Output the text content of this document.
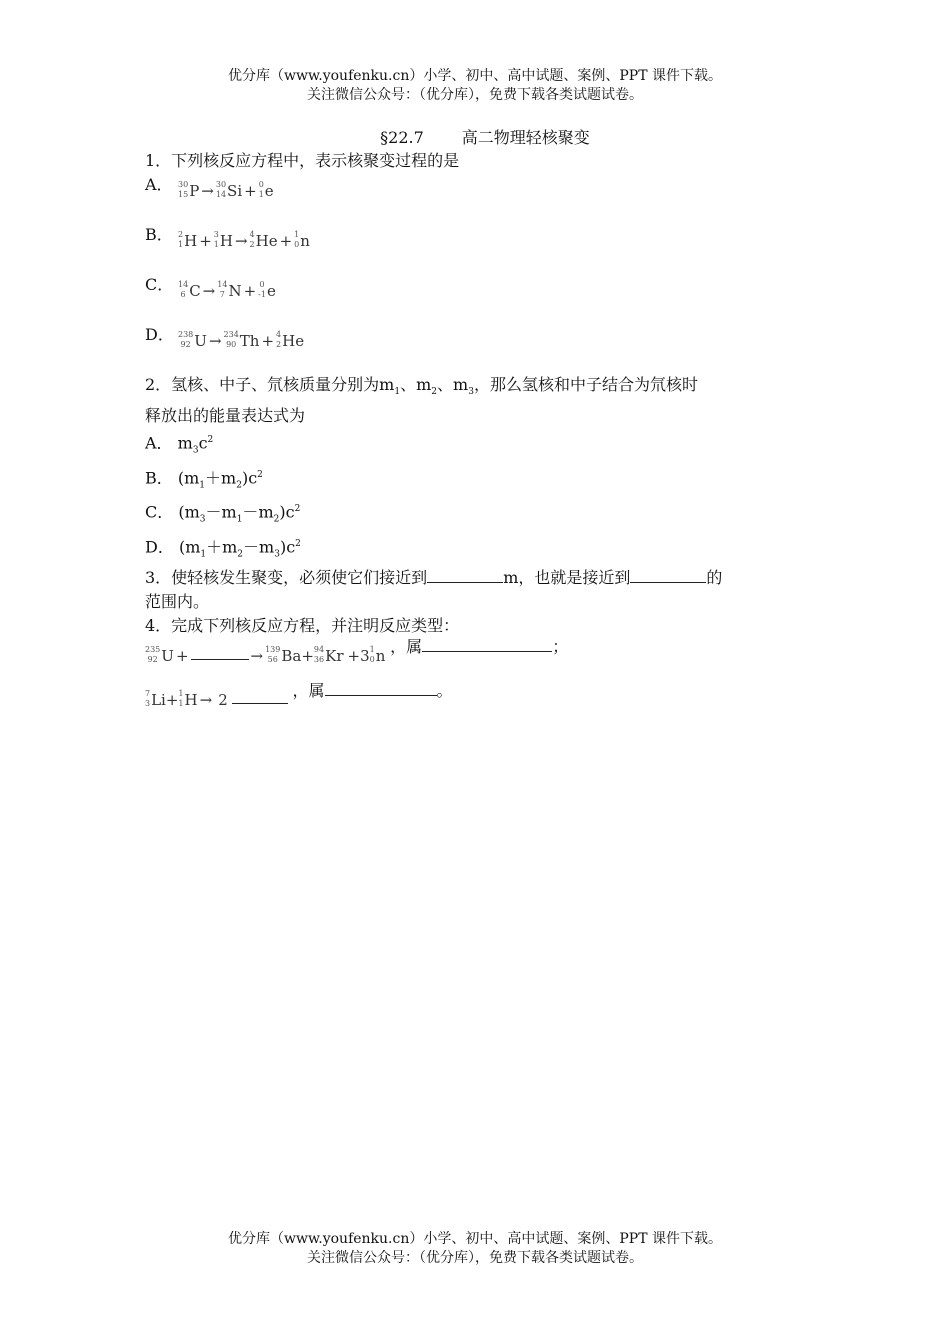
优分库（www.youfenku.cn）小学、初中、高中试题、案例、PPT 课件下载。
关注微信公众号：（优分库），免费下载各类试题试卷。
§22.7 高二物理轻核聚变
1．下列核反应方程中，表示核聚变过程的是
A． 30
15 P → 30
14 Si + 0
1 e
B． 2
1 H + 3
1 H → 4
2 He + 1
0 n
C． 14
6 C → 14
7 N + 0
-1 e
D． 238
92 U → 234
90 Th + 4
2 He
2．氢核、中子、氘核质量分别为$m_1$、$m_2$、$m_3$，那么氢核和中子结合为氘核时
释放出的能量表达式为
A． $m_3c^2$
B． $(m_1+m_2)c^2$
C． $(m_3-m_1-m_2)c^2$
D． $(m_1+m_2-m_3)c^2$
3．使轻核发生聚变，必须使它们接近到	m，也就是接近到	的
范围内。
4．完成下列核反应方程，并注明反应类型：
235
92 U +	→ 139
56 Ba+ 94
36 Kr +3 1
0 n ，属	；
7
3 Li+ 1
1 H → 2	，属	。
优分库（www.youfenku.cn）小学、初中、高中试题、案例、PPT 课件下载。
关注微信公众号：（优分库），免费下载各类试题试卷。
